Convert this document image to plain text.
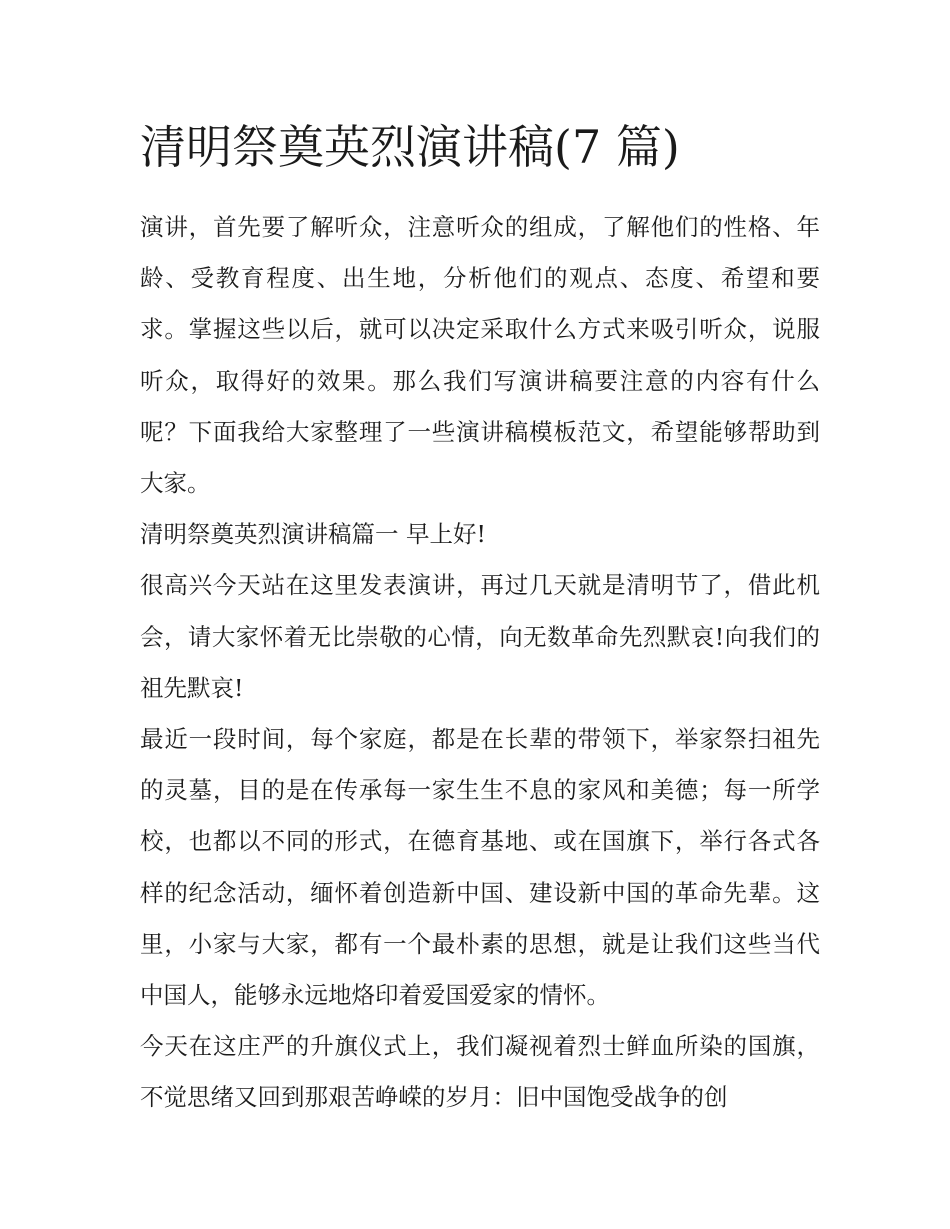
清明祭奠英烈演讲稿(7 篇)

演讲，首先要了解听众，注意听众的组成，了解他们的性格、年龄、受教育程度、出生地，分析他们的观点、态度、希望和要求。掌握这些以后，就可以决定采取什么方式来吸引听众，说服听众，取得好的效果。那么我们写演讲稿要注意的内容有什么呢？下面我给大家整理了一些演讲稿模板范文，希望能够帮助到大家。

清明祭奠英烈演讲稿篇一 早上好!

很高兴今天站在这里发表演讲，再过几天就是清明节了，借此机会，请大家怀着无比崇敬的心情，向无数革命先烈默哀!向我们的祖先默哀!

最近一段时间，每个家庭，都是在长辈的带领下，举家祭扫祖先的灵墓，目的是在传承每一家生生不息的家风和美德；每一所学校，也都以不同的形式，在德育基地、或在国旗下，举行各式各样的纪念活动，缅怀着创造新中国、建设新中国的革命先辈。这里，小家与大家，都有一个最朴素的思想，就是让我们这些当代中国人，能够永远地烙印着爱国爱家的情怀。

今天在这庄严的升旗仪式上，我们凝视着烈士鲜血所染的国旗，不觉思绪又回到那艰苦峥嵘的岁月：旧中国饱受战争的创
